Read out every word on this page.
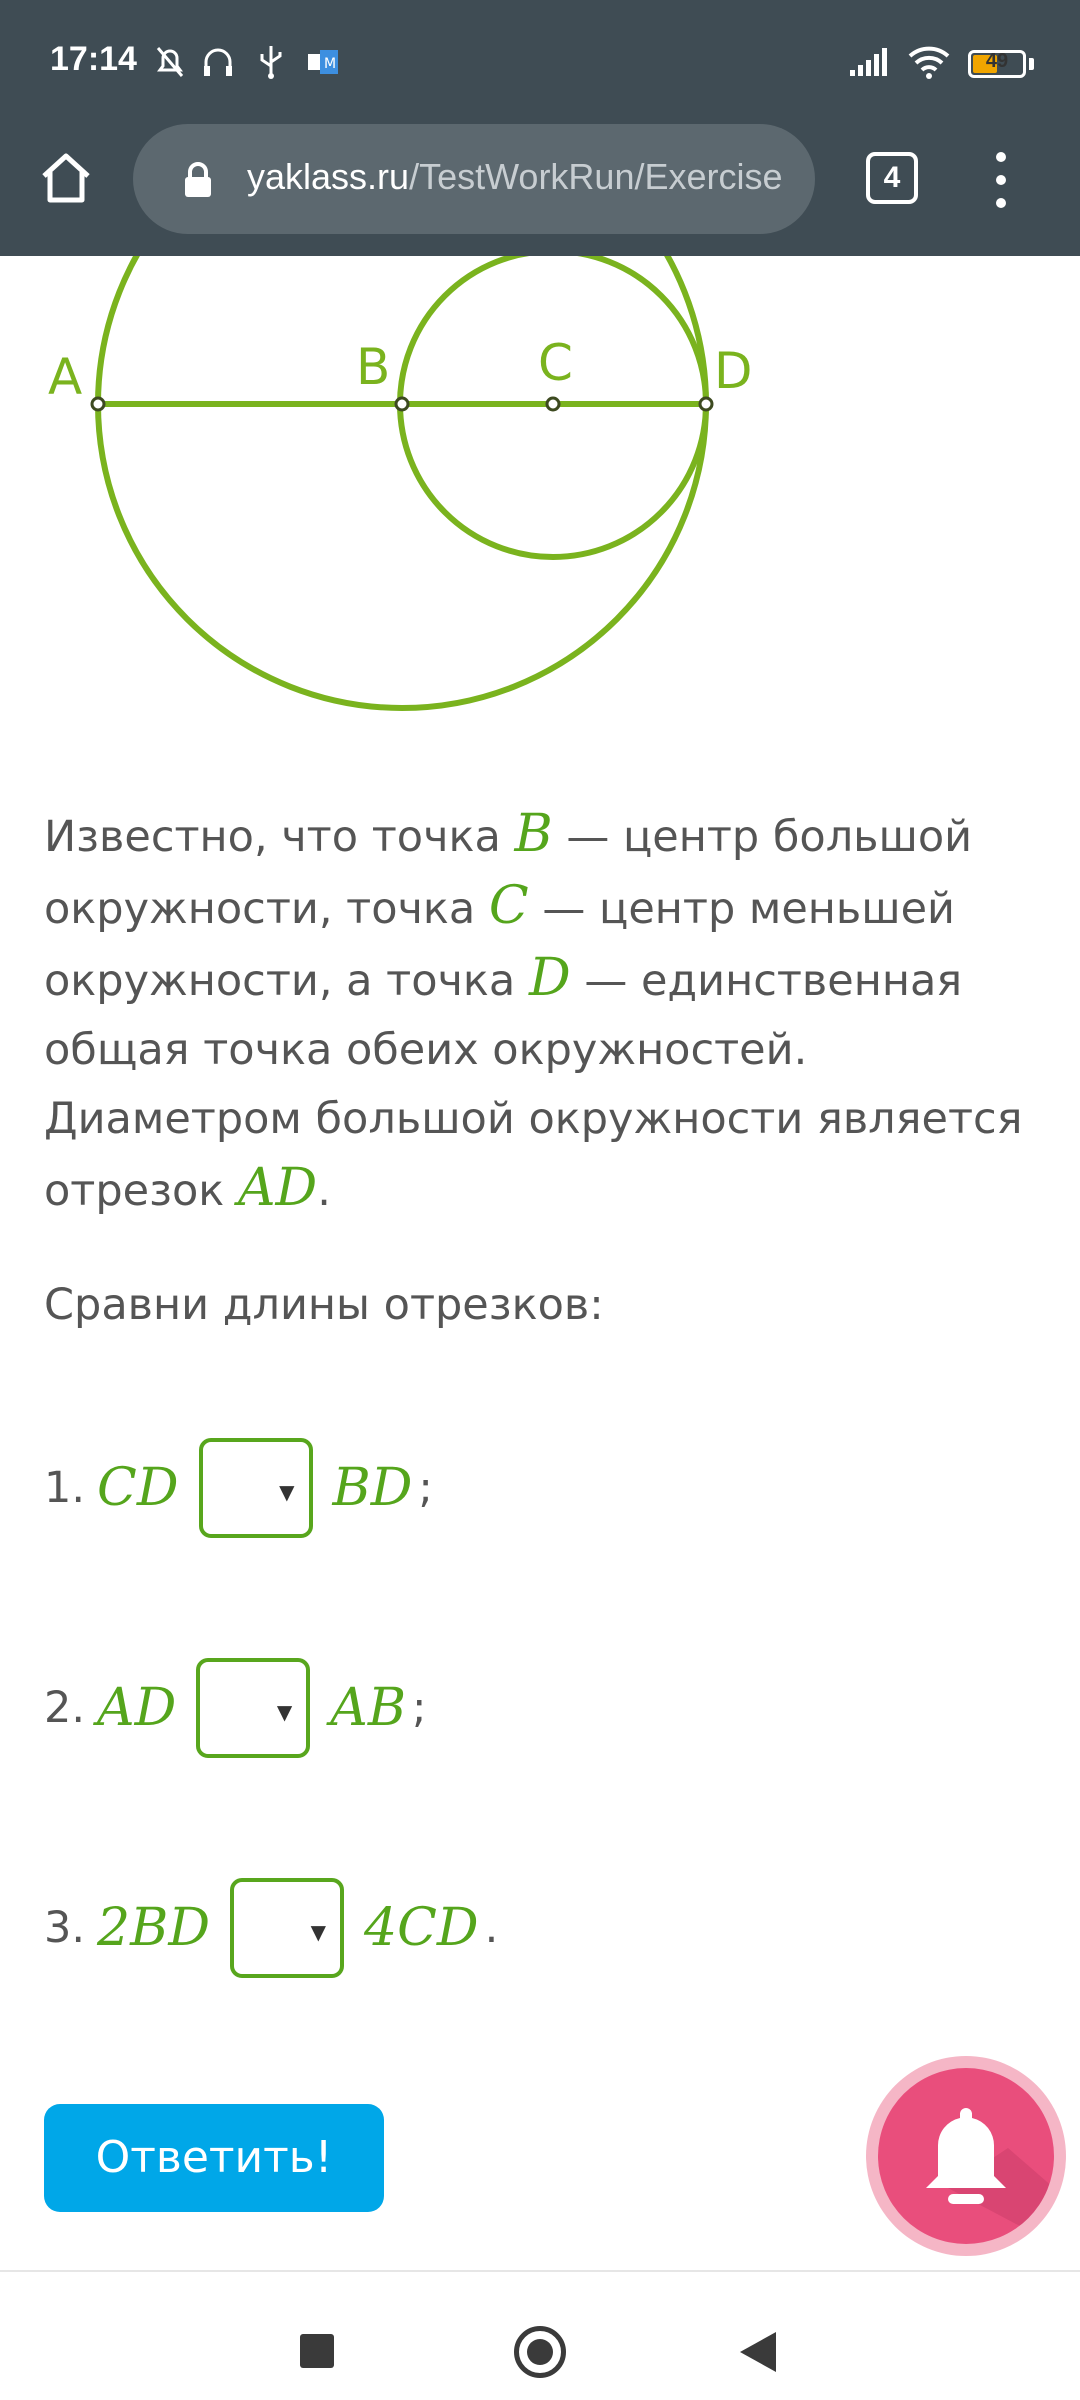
17:14	M	49
yaklass.ru/TestWorkRun/Exercise	4
A	B	C	D
Известно, что точка B — центр большой окружности, точка C — центр меньшей окружности, а точка D — единственная общая точка обеих окружностей.
Диаметром большой окружности является отрезок AD.
Сравни длины отрезков:
1. CD	▼ BD ;
2. AD	▼ AB ;
3. 2BD	▼ 4CD .
Ответить!
